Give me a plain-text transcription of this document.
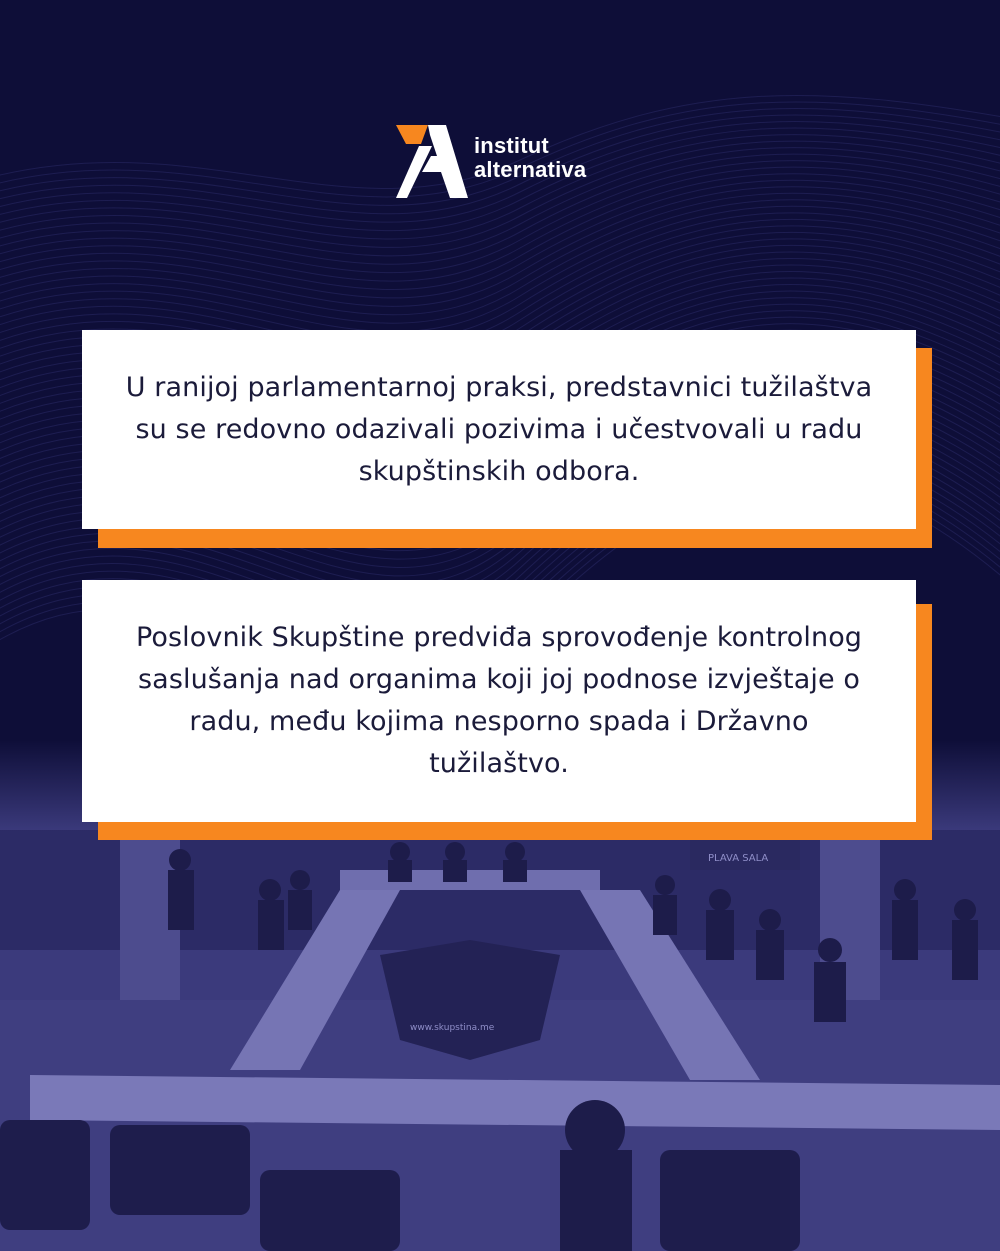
institut
alternativa

U ranijoj parlamentarnoj praksi, predstavnici tužilaštva su se redovno odazivali pozivima i učestvovali u radu skupštinskih odbora.

Poslovnik Skupštine predviđa sprovođenje kontrolnog saslušanja nad organima koji joj podnose izvještaje o radu, među kojima nesporno spada i Državno tužilaštvo.
